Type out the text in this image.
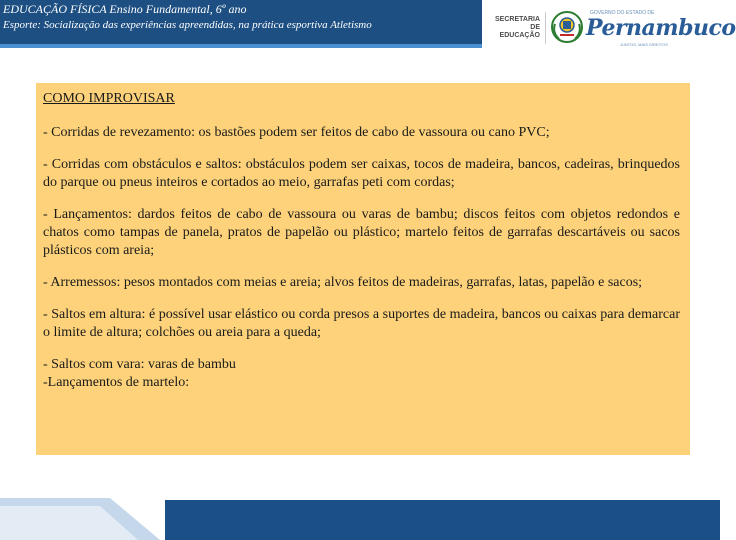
EDUCAÇÃO FÍSICA Ensino Fundamental, 6º ano
Esporte: Socialização das experiências apreendidas, na prática esportiva Atletismo	SECRETARIA
DE EDUCAÇÃO
GOVERNO DO ESTADO DE
Pernambuco
JUNTOS, MAIS DIREITOS

COMO IMPROVISAR

- Corridas de revezamento: os bastões podem ser feitos de cabo de vassoura ou cano PVC;

- Corridas com obstáculos e saltos: obstáculos podem ser caixas, tocos de madeira, bancos, cadeiras, brinquedos do parque ou pneus inteiros e cortados ao meio, garrafas peti com cordas;

- Lançamentos: dardos feitos de cabo de vassoura ou varas de bambu; discos feitos com objetos redondos e chatos como tampas de panela, pratos de papelão ou plástico; martelo feitos de garrafas descartáveis ou sacos plásticos com areia;

- Arremessos: pesos montados com meias e areia; alvos feitos de madeiras, garrafas, latas, papelão e sacos;

- Saltos em altura: é possível usar elástico ou corda presos a suportes de madeira, bancos ou caixas para demarcar o limite de altura; colchões ou areia para a queda;

- Saltos com vara: varas de bambu

-Lançamentos de martelo:
